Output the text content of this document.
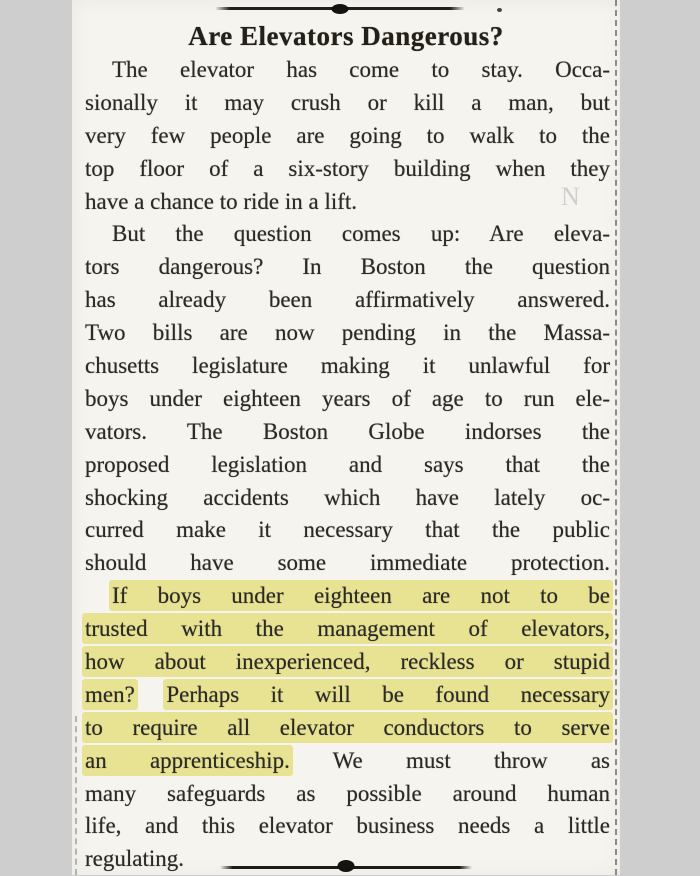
Are Elevators Dangerous?
N
The elevator has come to stay. Occa-
sionally it may crush or kill a man, but
very few people are going to walk to the
top floor of a six-story building when they
have a chance to ride in a lift.
But the question comes up: Are eleva-
tors dangerous? In Boston the question
has already been affirmatively answered.
Two bills are now pending in the Massa-
chusetts legislature making it unlawful for
boys under eighteen years of age to run ele-
vators. The Boston Globe indorses the
proposed legislation and says that the
shocking accidents which have lately oc-
curred make it necessary that the public
should have some immediate protection.
If boys under eighteen are not to be
trusted with the management of elevators,
how about inexperienced, reckless or stupid
men? Perhaps it will be found necessary
to require all elevator conductors to serve
an apprenticeship. We must throw as
many safeguards as possible around human
life, and this elevator business needs a little
regulating.
